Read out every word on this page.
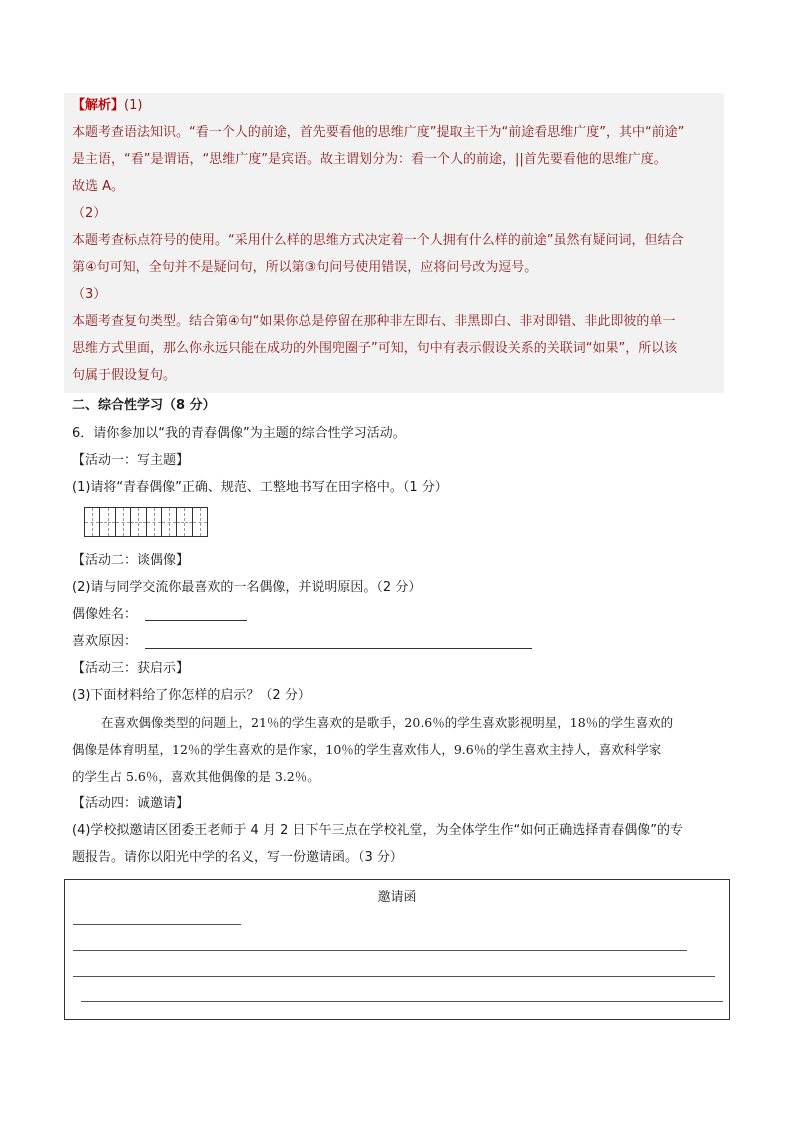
【解析】(1)
本题考查语法知识。“看一个人的前途，首先要看他的思维广度”提取主干为“前途看思维广度”，其中“前途”
是主语，“看”是谓语，“思维广度”是宾语。故主谓划分为：看一个人的前途，||首先要看他的思维广度。
故选 A。
（2）
本题考查标点符号的使用。“采用什么样的思维方式决定着一个人拥有什么样的前途”虽然有疑问词，但结合
第④句可知，全句并不是疑问句，所以第③句问号使用错误，应将问号改为逗号。
（3）
本题考查复句类型。结合第④句“如果你总是停留在那种非左即右、非黑即白、非对即错、非此即彼的单一
思维方式里面，那么你永远只能在成功的外围兜圈子”可知，句中有表示假设关系的关联词“如果”，所以该
句属于假设复句。
二、综合性学习（8 分）
6．请你参加以“我的青春偶像”为主题的综合性学习活动。
【活动一：写主题】
(1)请将“青春偶像”正确、规范、工整地书写在田字格中。（1 分）
【活动二：谈偶像】
(2)请与同学交流你最喜欢的一名偶像，并说明原因。（2 分）
偶像姓名：
喜欢原因：
【活动三：获启示】
(3)下面材料给了你怎样的启示？（2 分）
在喜欢偶像类型的问题上，21％的学生喜欢的是歌手，20.6％的学生喜欢影视明星，18％的学生喜欢的
偶像是体育明星，12％的学生喜欢的是作家，10％的学生喜欢伟人，9.6％的学生喜欢主持人，喜欢科学家
的学生占 5.6％，喜欢其他偶像的是 3.2％。
【活动四：诚邀请】
(4)学校拟邀请区团委王老师于 4 月 2 日下午三点在学校礼堂，为全体学生作“如何正确选择青春偶像”的专
题报告。请你以阳光中学的名义，写一份邀请函。（3 分）
邀请函
